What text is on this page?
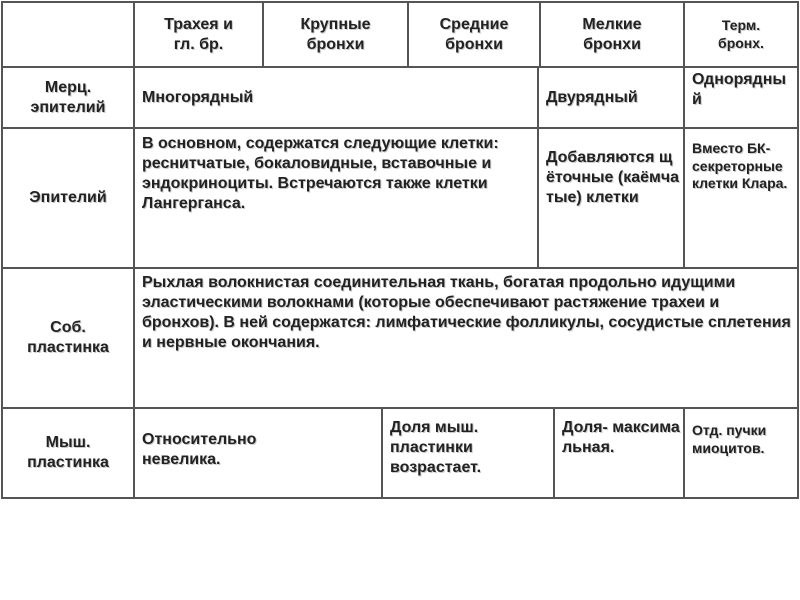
Трахея и
гл. бр.
Крупные
бронхи
Средние
бронхи
Мелкие
бронхи
Терм.
бронх.
Мерц.
эпителий
Многорядный	Двурядный
Однорядный
Эпителий
В основном, содержатся следующие клетки: реснитчатые, бокаловидные, вставочные и эндокриноциты. Встречаются также клетки Лангерганса.
Добавляются щёточные (каёмчатые) клетки
Вместо БК- секреторные клетки Клара.
Соб.
пластинка
Рыхлая волокнистая соединительная ткань, богатая продольно идущими эластическими волокнами (которые обеспечивают растяжение трахеи и бронхов). В ней содержатся: лимфатические фолликулы, сосудистые сплетения и нервные окончания.
Мыш.
пластинка
Относительно невелика.
Доля мыш. пластинки возрастает.
Доля- максимальная.
Отд. пучки миоцитов.
